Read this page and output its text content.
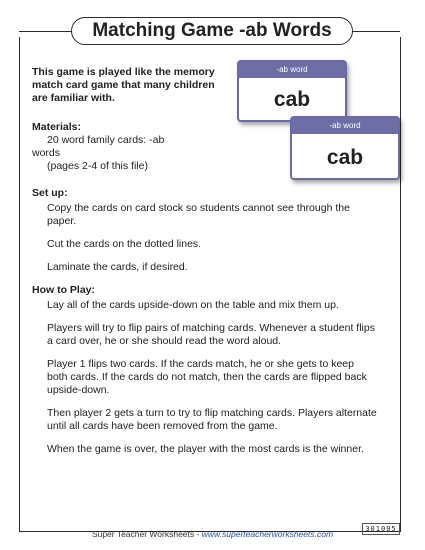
Matching Game -ab Words

This game is played like the memory match card game that many children are familiar with.

Materials:
20 word family cards: -ab
words
(pages 2-4 of this file)
Set up:

Copy the cards on card stock so students cannot see through the paper.

Cut the cards on the dotted lines.

Laminate the cards, if desired.

How to Play:

Lay all of the cards upside-down on the table and mix them up.

Players will try to flip pairs of matching cards. Whenever a student flips a card over, he or she should read the word aloud.

Player 1 flips two cards. If the cards match, he or she gets to keep both cards. If the cards do not match, then the cards are flipped back upside-down.

Then player 2 gets a turn to try to flip matching cards. Players alternate until all cards have been removed from the game.

When the game is over, the player with the most cards is the winner.

-ab word
cab
-ab word
cab
Super Teacher Worksheets - www.superteacherworksheets.com	301005
